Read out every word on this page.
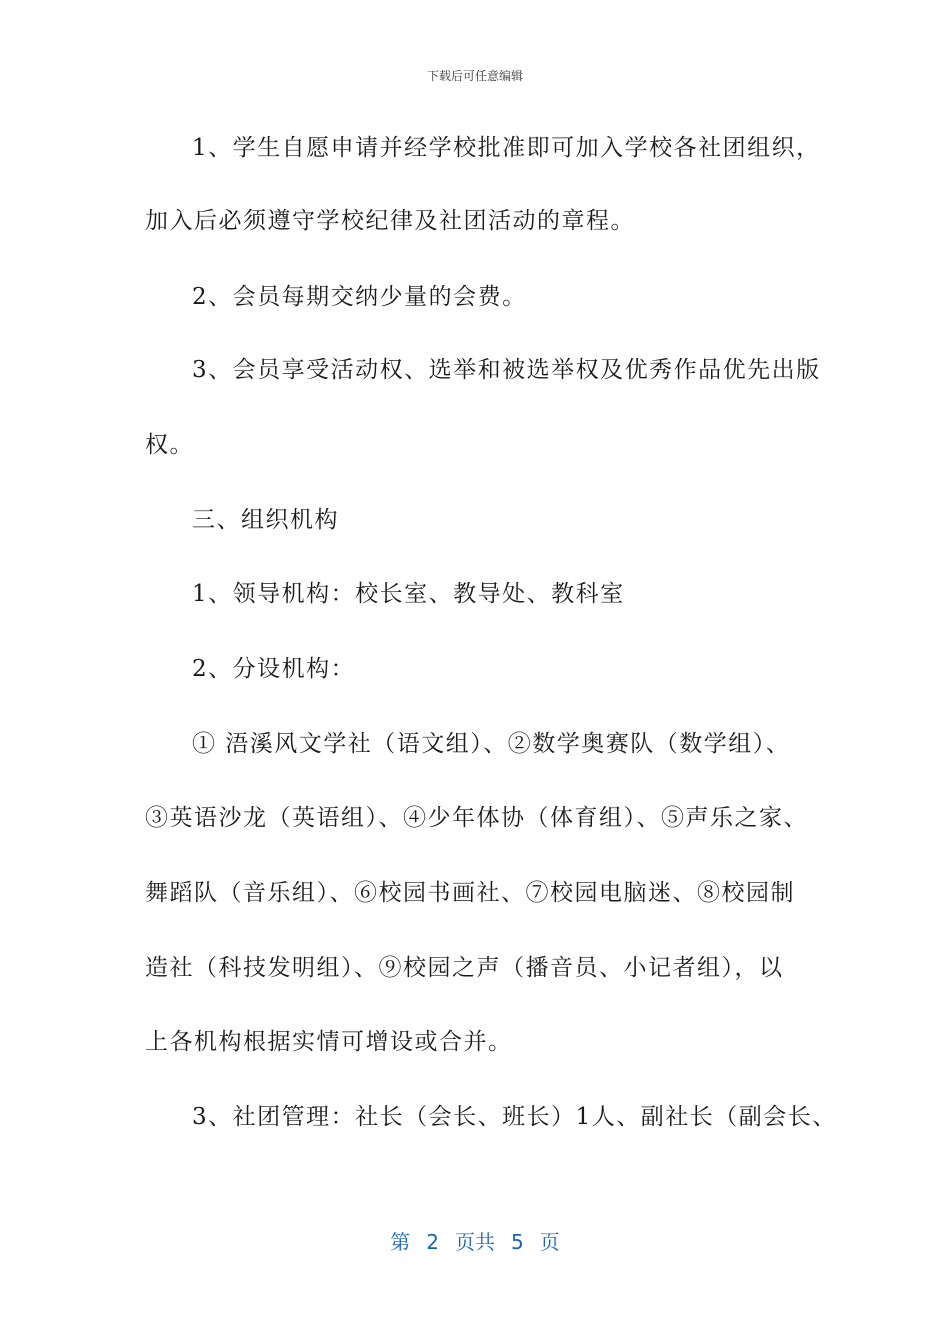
下载后可任意编辑
1、学生自愿申请并经学校批准即可加入学校各社团组织，
加入后必须遵守学校纪律及社团活动的章程。
2、会员每期交纳少量的会费。
3、会员享受活动权、选举和被选举权及优秀作品优先出版
权。
三、组织机构
1、领导机构：校长室、教导处、教科室
2、分设机构：
① 浯溪风文学社（语文组）、②数学奥赛队（数学组）、
③英语沙龙（英语组）、④少年体协（体育组）、⑤声乐之家、
舞蹈队（音乐组）、⑥校园书画社、⑦校园电脑迷、⑧校园制
造社（科技发明组）、⑨校园之声（播音员、小记者组），以
上各机构根据实情可增设或合并。
3、社团管理：社长（会长、班长）1人、副社长（副会长、
第 2 页共 5 页
